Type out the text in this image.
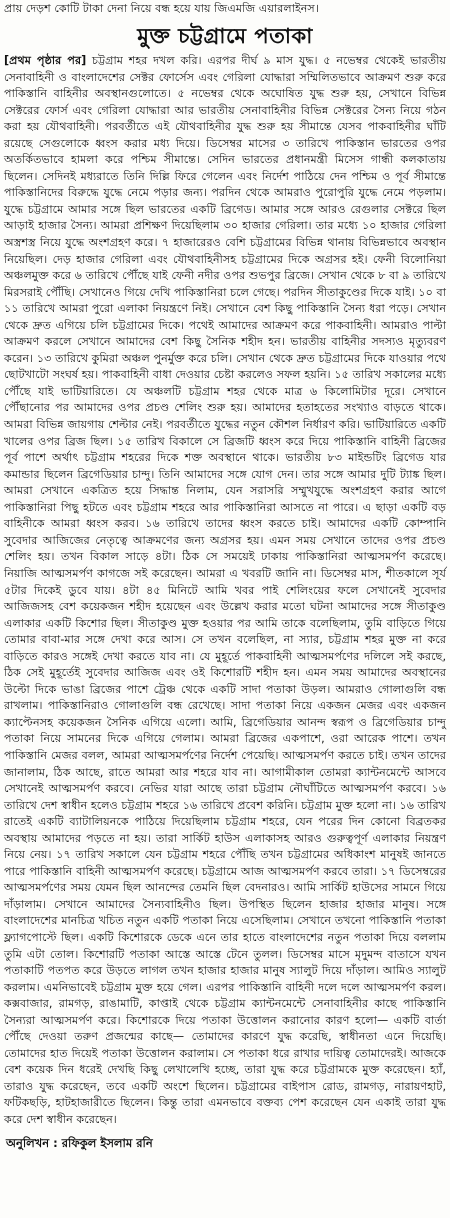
প্রায় দেড়শ কোটি টাকা দেনা নিয়ে বন্ধ হয়ে যায় জিএমজি এয়ারলাইনস।
মুক্ত চট্টগ্রামে পতাকা
[প্রথম পৃষ্ঠার পর] চট্টগ্রাম শহর দখল করি। এরপর দীর্ঘ ৯ মাস যুদ্ধ। ৫ নভেম্বর থেকেই ভারতীয় সেনাবাহিনী ও বাংলাদেশের সেক্টর ফোর্সেস এবং গেরিলা যোদ্ধারা সম্মিলিতভাবে আক্রমণ শুরু করে পাকিস্তানি বাহিনীর অবস্থানগুলোতে। ৫ নভেম্বর থেকে অঘোষিত যুদ্ধ শুরু হয়, সেখানে বিভিন্ন সেক্টরের ফোর্স এবং গেরিলা যোদ্ধারা আর ভারতীয় সেনাবাহিনীর বিভিন্ন সেক্টরের সৈন্য নিয়ে গঠন করা হয় যৌথবাহিনী। পরবর্তীতে এই যৌথবাহিনীর যুদ্ধ শুরু হয় সীমান্তে যেসব পাকবাহিনীর ঘাঁটি রয়েছে সেগুলোকে ধ্বংস করার মধ্য দিয়ে। ডিসেম্বর মাসের ৩ তারিখে পাকিস্তান ভারতের ওপর অতর্কিতভাবে হামলা করে পশ্চিম সীমান্তে। সেদিন ভারতের প্রধানমন্ত্রী মিসেস গান্ধী কলকাতায় ছিলেন। সেদিনই মধ্যরাতে তিনি দিল্লি ফিরে গেলেন এবং নির্দেশ পাঠিয়ে দেন পশ্চিম ও পূর্ব সীমান্তে পাকিস্তানিদের বিরুদ্ধে যুদ্ধে নেমে পড়ার জন্য। পরদিন থেকে আমরাও পুরোপুরি যুদ্ধে নেমে পড়লাম। যুদ্ধে চট্টগ্রামে আমার সঙ্গে ছিল ভারতের একটি ব্রিগেড। আমার সঙ্গে আরও রেগুলার সেক্টরে ছিল আড়াই হাজার সৈন্য। আমরা প্রশিক্ষণ দিয়েছিলাম ৩০ হাজার গেরিলা। তার মধ্যে ১০ হাজার গেরিলা অস্ত্রশস্ত্র নিয়ে যুদ্ধে অংশগ্রহণ করে। ৭ হাজারেরও বেশি চট্টগ্রামের বিভিন্ন থানায় বিভিন্নভাবে অবস্থান নিয়েছিল। দেড় হাজার গেরিলা এবং যৌথবাহিনীসহ চট্টগ্রামের দিকে অগ্রসর হই। ফেনী বিলোনিয়া অঞ্চলমুক্ত করে ৬ তারিখে পৌঁছে যাই ফেনী নদীর ওপর শুভপুর ব্রিজে। সেখান থেকে ৮ বা ৯ তারিখে মিরসরাই পৌঁছি। সেখানেও গিয়ে দেখি পাকিস্তানিরা চলে গেছে। পরদিন সীতাকুণ্ডের দিকে যাই। ১০ বা ১১ তারিখে আমরা পুরো এলাকা নিয়ন্ত্রণে নিই। সেখানে বেশ কিছু পাকিস্তানি সৈন্য ধরা পড়ে। সেখান থেকে দ্রুত এগিয়ে চলি চট্টগ্রামের দিকে। পথেই আমাদের আক্রমণ করে পাকবাহিনী। আমরাও পাল্টা আক্রমণ করলে সেখানে আমাদের বেশ কিছু সৈনিক শহীদ হন। ভারতীয় বাহিনীর সদস্যও মৃত্যুবরণ করেন। ১৩ তারিখে কুমিরা অঞ্চল পুনর্মুক্ত করে চলি। সেখান থেকে দ্রুত চট্টগ্রামের দিকে যাওয়ার পথে ছোটখাটো সংঘর্ষ হয়। পাকবাহিনী বাধা দেওয়ার চেষ্টা করলেও সফল হয়নি। ১৫ তারিখ সকালের মধ্যে পৌঁছে যাই ভাটিয়ারিতে। যে অঞ্চলটি চট্টগ্রাম শহর থেকে মাত্র ৬ কিলোমিটার দূরে। সেখানে পৌঁছানোর পর আমাদের ওপর প্রচণ্ড শেলিং শুরু হয়। আমাদের হতাহতের সংখ্যাও বাড়তে থাকে। আমরা বিভিন্ন জায়গায় শেল্টার নেই। পরবর্তীতে যুদ্ধের নতুন কৌশল নির্ধারণ করি। ভাটিয়ারিতে একটি খালের ওপর ব্রিজ ছিল। ১৫ তারিখ বিকালে সে ব্রিজটি ধ্বংস করে দিয়ে পাকিস্তানি বাহিনী ব্রিজের পূর্ব পাশে অর্থাৎ চট্টগ্রাম শহরের দিকে শক্ত অবস্থানে থাকে। ভারতীয় ৮৩ মাইন্ডটিং ব্রিগেড যার কমান্ডার ছিলেন ব্রিগেডিয়ার চান্দু। তিনি আমাদের সঙ্গে যোগ দেন। তার সঙ্গে আমার দুটি ট্যাঙ্ক ছিল। আমরা সেখানে একত্রিত হয়ে সিদ্ধান্ত নিলাম, যেন সরাসরি সম্মুখযুদ্ধে অংশগ্রহণ করার আগে পাকিস্তানিরা পিছু হটতে এবং চট্টগ্রাম শহরে আর পাকিস্তানিরা আসতে না পারে। এ ছাড়া একটি বড় বাহিনীকে আমরা ধ্বংস করব। ১৬ তারিখে তাদের ধ্বংস করতে চাই। আমাদের একটি কোম্পানি সুবেদার আজিজের নেতৃত্বে আক্রমণের জন্য অগ্রসর হয়। এমন সময় সেখানে তাদের ওপর প্রচণ্ড শেলিং হয়। তখন বিকাল সাড়ে ৪টা। ঠিক সে সময়েই ঢাকায় পাকিস্তানিরা আত্মসমর্পণ করেছে। নিয়াজি আত্মসমর্পণ কাগজে সই করেছেন। আমরা এ খবরটি জানি না। ডিসেম্বর মাস, শীতকালে সূর্য ৫টার দিকেই ডুবে যায়। ৪টা ৪৫ মিনিটে আমি খবর পাই শেলিংয়ের ফলে সেখানেই সুবেদার আজিজসহ বেশ কয়েকজন শহীদ হয়েছেন এবং উল্লেখ করার মতো ঘটনা আমাদের সঙ্গে সীতাকুণ্ড এলাকার একটি কিশোর ছিল। সীতাকুণ্ড মুক্ত হওয়ার পর আমি তাকে বলেছিলাম, তুমি বাড়িতে গিয়ে তোমার বাবা-মার সঙ্গে দেখা করে আস। সে তখন বলেছিল, না স্যার, চট্টগ্রাম শহর মুক্ত না করে বাড়িতে কারও সঙ্গেই দেখা করতে যাব না। যে মুহূর্তে পাকবাহিনী আত্মসমর্পণের দলিলে সই করছে, ঠিক সেই মুহূর্তেই সুবেদার আজিজ এবং ওই কিশোরটি শহীদ হন। এমন সময় আমাদের অবস্থানের উল্টো দিকে ভাঙা ব্রিজের পাশে ট্রেঞ্চ থেকে একটি সাদা পতাকা উড়ল। আমরাও গোলাগুলি বন্ধ রাখলাম। পাকিস্তানিরাও গোলাগুলি বন্ধ রেখেছে। সাদা পতাকা নিয়ে একজন মেজর এবং একজন ক্যাপ্টেনসহ কয়েকজন সৈনিক এগিয়ে এলো। আমি, ব্রিগেডিয়ার আনন্দ স্বরূপ ও ব্রিগেডিয়ার চান্দু পতাকা নিয়ে সামনের দিকে এগিয়ে গেলাম। আমরা ব্রিজের একপাশে, ওরা আরেক পাশে। তখন পাকিস্তানি মেজর বলল, আমরা আত্মসমর্পণের নির্দেশ পেয়েছি। আত্মসমর্পণ করতে চাই। তখন তাদের জানালাম, ঠিক আছে, রাতে আমরা আর শহরে যাব না। আগামীকাল তোমরা ক্যান্টনমেন্টে আসবে সেখানেই আত্মসমর্পণ করবে। নেভির যারা আছে তারা চট্টগ্রাম নৌঘাঁটিতে আত্মসমর্পণ করবে। ১৬ তারিখে দেশ স্বাধীন হলেও চট্টগ্রাম শহরে ১৬ তারিখে প্রবেশ করিনি। চট্টগ্রাম মুক্ত হলো না। ১৬ তারিখ রাতেই একটি ব্যাটালিয়নকে পাঠিয়ে দিয়েছিলাম চট্টগ্রাম শহরে, যেন পরের দিন কোনো বিব্রতকর অবস্থায় আমাদের পড়তে না হয়। তারা সার্কিট হাউস এলাকাসহ আরও গুরুত্বপূর্ণ এলাকার নিয়ন্ত্রণ নিয়ে নেয়। ১৭ তারিখ সকালে যেন চট্টগ্রাম শহরে পৌঁছি তখন চট্টগ্রামের অধিকাংশ মানুষই জানতে পারে পাকিস্তানি বাহিনী আত্মসমর্পণ করেছে। চট্টগ্রামে আজ আত্মসমর্পণ করবে তারা। ১৭ ডিসেম্বরের আত্মসমর্পণের সময় যেমন ছিল আনন্দের তেমনি ছিল বেদনারও। আমি সার্কিট হাউসের সামনে গিয়ে দাঁড়ালাম। সেখানে আমাদের সৈন্যবাহিনীও ছিল। উপস্থিত ছিলেন হাজার হাজার মানুষ। সঙ্গে বাংলাদেশের মানচিত্র খচিত নতুন একটি পতাকা নিয়ে এসেছিলাম। সেখানে তখনো পাকিস্তানি পতাকা ফ্ল্যাগপোস্টে ছিল। একটি কিশোরকে ডেকে এনে তার হাতে বাংলাদেশের নতুন পতাকা দিয়ে বললাম তুমি এটা তোল। কিশোরটি পতাকা আস্তে আস্তে টেনে তুলল। ডিসেম্বর মাসে মৃদুমন্দ বাতাসে যখন পতাকাটি পতপত করে উড়তে লাগল তখন হাজার হাজার মানুষ স্যালুট দিয়ে দাঁড়াল। আমিও স্যালুট করলাম। এমনিভাবেই চট্টগ্রাম মুক্ত হয়ে গেল। এরপর পাকিস্তানি বাহিনী দলে দলে আত্মসমর্পণ করল। কক্সবাজার, রামগড়, রাঙামাটি, কাপ্তাই থেকে চট্টগ্রাম ক্যান্টনমেন্টে সেনাবাহিনীর কাছে পাকিস্তানি সৈন্যরা আত্মসমর্পণ করে। কিশোরকে দিয়ে পতাকা উত্তোলন করানোর কারণ হলো— একটি বার্তা পৌঁছে দেওয়া তরুণ প্রজন্মের কাছে— তোমাদের কারণে যুদ্ধ করেছি, স্বাধীনতা এনে দিয়েছি। তোমাদের হাত দিয়েই পতাকা উত্তোলন করালাম। সে পতাকা ধরে রাখার দায়িত্ব তোমাদেরই। আজকে বেশ কয়েক দিন ধরেই দেখছি কিছু লেখালেখি হচ্ছে, তারা যুদ্ধ করে চট্টগ্রামকে মুক্ত করেছেন। হ্যাঁ, তারাও যুদ্ধ করেছেন, তবে একটি অংশে ছিলেন। চট্টগ্রামের বাইপাস রোড, রামগড়, নারায়ণহাট, ফটিকছড়ি, হাটহাজারীতে ছিলেন। কিন্তু তারা এমনভাবে বক্তব্য পেশ করেছেন যেন একাই তারা যুদ্ধ করে দেশ স্বাধীন করেছেন।
অনুলিখন : রফিকুল ইসলাম রনি
